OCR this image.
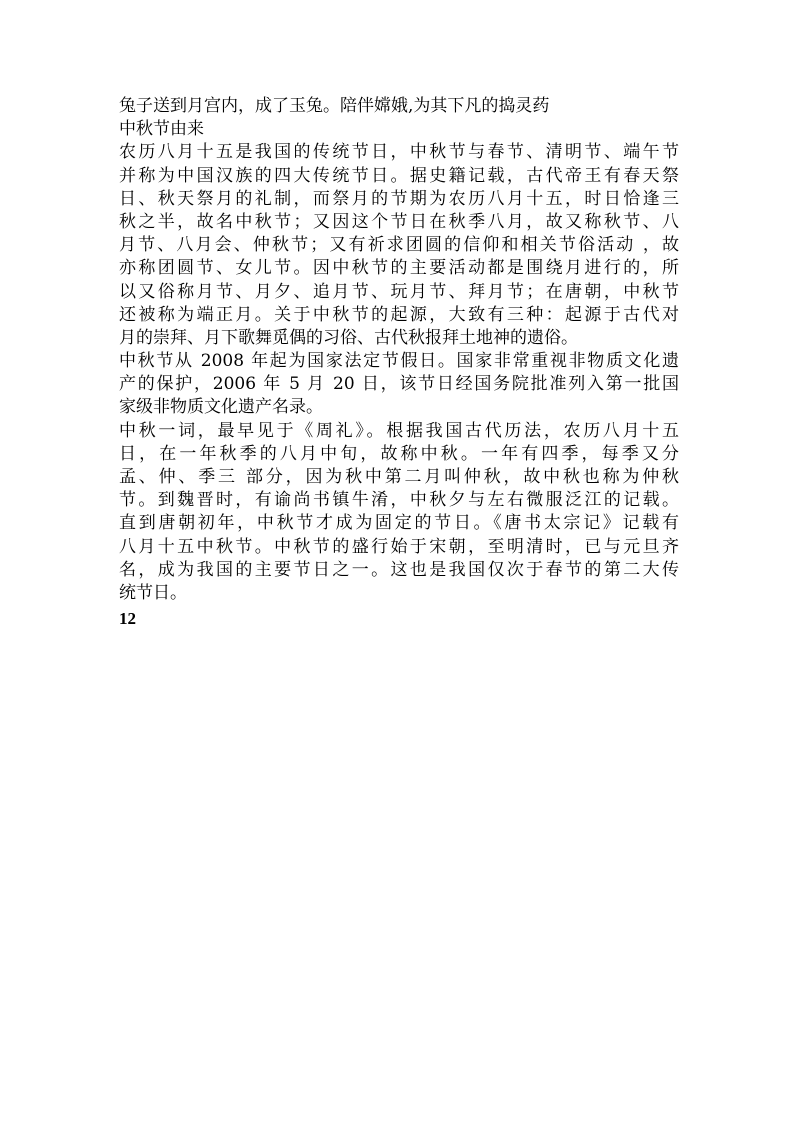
兔子送到月宫内，成了玉兔。陪伴嫦娥,为其下凡的捣灵药
中秋节由来
农历八月十五是我国的传统节日，中秋节与春节、清明节、端午节
并称为中国汉族的四大传统节日。据史籍记载，古代帝王有春天祭
日、秋天祭月的礼制，而祭月的节期为农历八月十五，时日恰逢三
秋之半，故名中秋节；又因这个节日在秋季八月，故又称秋节、八
月节、八月会、仲秋节；又有祈求团圆的信仰和相关节俗活动 ，故
亦称团圆节、女儿节。因中秋节的主要活动都是围绕月进行的，所
以又俗称月节、月夕、追月节、玩月节、拜月节；在唐朝，中秋节
还被称为端正月。关于中秋节的起源，大致有三种：起源于古代对
月的崇拜、月下歌舞觅偶的习俗、古代秋报拜土地神的遗俗。
中秋节从 2008 年起为国家法定节假日。国家非常重视非物质文化遗
产的保护，2006 年 5 月 20 日，该节日经国务院批准列入第一批国
家级非物质文化遗产名录。
中秋一词，最早见于《周礼》。根据我国古代历法，农历八月十五
日，在一年秋季的八月中旬，故称中秋。一年有四季，每季又分
孟、仲、季三 部分，因为秋中第二月叫仲秋，故中秋也称为仲秋
节。到魏晋时，有谕尚书镇牛淆，中秋夕与左右微服泛江的记载。
直到唐朝初年，中秋节才成为固定的节日。《唐书太宗记》记载有
八月十五中秋节。中秋节的盛行始于宋朝，至明清时，已与元旦齐
名，成为我国的主要节日之一。这也是我国仅次于春节的第二大传
统节日。
12
